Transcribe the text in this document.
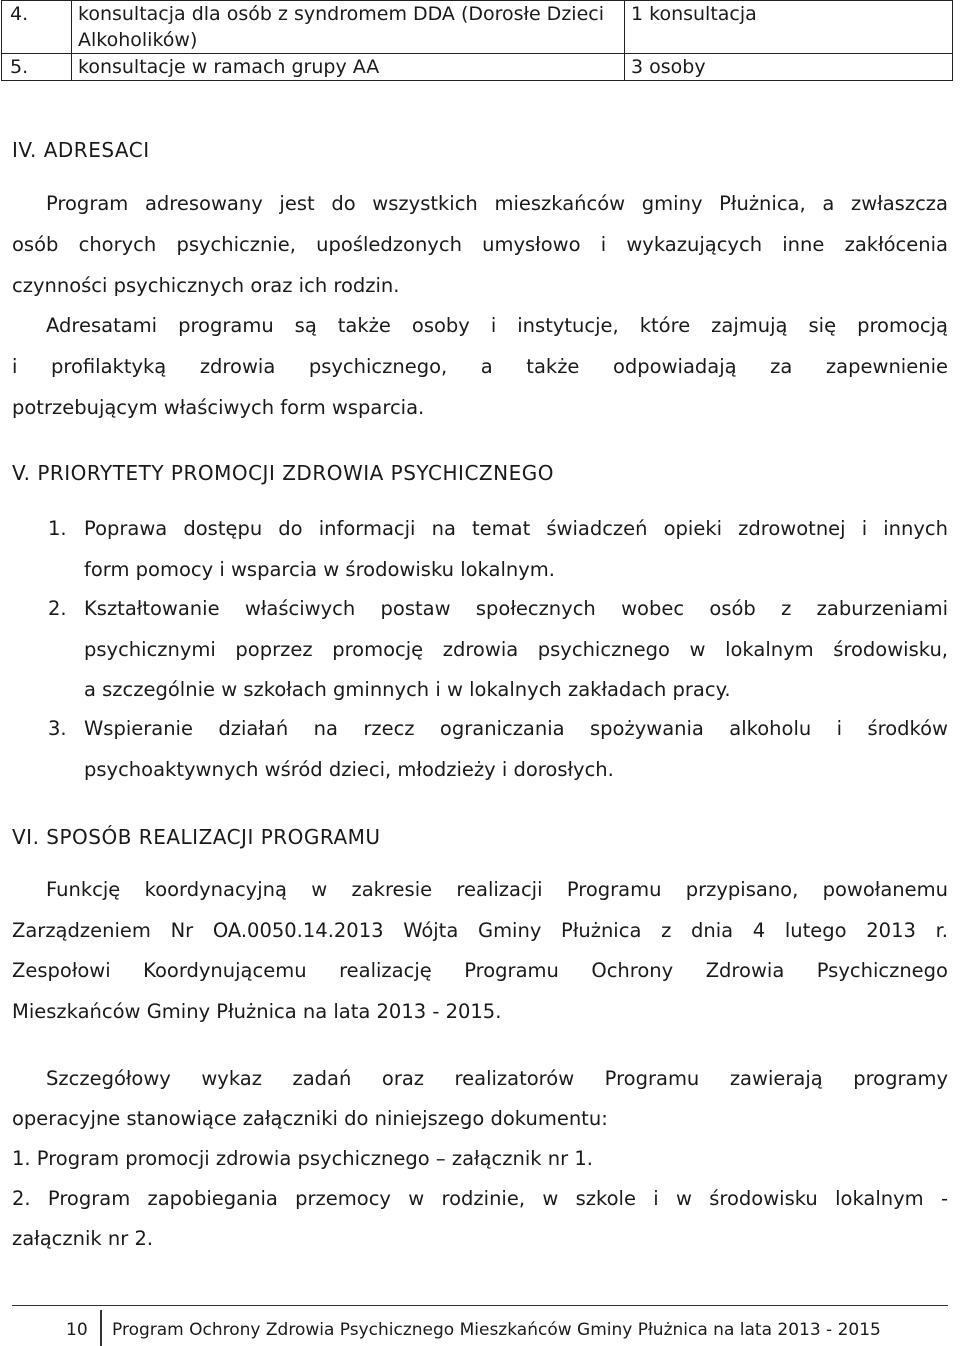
4.	konsultacja dla osób z syndromem DDA (Dorosłe Dzieci Alkoholików)	1 konsultacja
5.	konsultacje w ramach grupy AA	3 osoby
IV. ADRESACI
Program adresowany jest do wszystkich mieszkańców gminy Płużnica, a zwłaszcza
osób chorych psychicznie, upośledzonych umysłowo i wykazujących inne zakłócenia
czynności psychicznych oraz ich rodzin.
Adresatami programu są także osoby i instytucje, które zajmują się promocją
i profilaktyką zdrowia psychicznego, a także odpowiadają za zapewnienie
potrzebującym właściwych form wsparcia.
V. PRIORYTETY PROMOCJI ZDROWIA PSYCHICZNEGO
1. Poprawa dostępu do informacji na temat świadczeń opieki zdrowotnej i innych
form pomocy i wsparcia w środowisku lokalnym.
2. Kształtowanie właściwych postaw społecznych wobec osób z zaburzeniami
psychicznymi poprzez promocję zdrowia psychicznego w lokalnym środowisku,
a szczególnie w szkołach gminnych i w lokalnych zakładach pracy.
3. Wspieranie działań na rzecz ograniczania spożywania alkoholu i środków
psychoaktywnych wśród dzieci, młodzieży i dorosłych.
VI. SPOSÓB REALIZACJI PROGRAMU
Funkcję koordynacyjną w zakresie realizacji Programu przypisano, powołanemu
Zarządzeniem Nr OA.0050.14.2013 Wójta Gminy Płużnica z dnia 4 lutego 2013 r.
Zespołowi Koordynującemu realizację Programu Ochrony Zdrowia Psychicznego
Mieszkańców Gminy Płużnica na lata 2013 - 2015.
Szczegółowy wykaz zadań oraz realizatorów Programu zawierają programy
operacyjne stanowiące załączniki do niniejszego dokumentu:
1. Program promocji zdrowia psychicznego – załącznik nr 1.
2. Program zapobiegania przemocy w rodzinie, w szkole i w środowisku lokalnym -
załącznik nr 2.
10 Program Ochrony Zdrowia Psychicznego Mieszkańców Gminy Płużnica na lata 2013 - 2015
